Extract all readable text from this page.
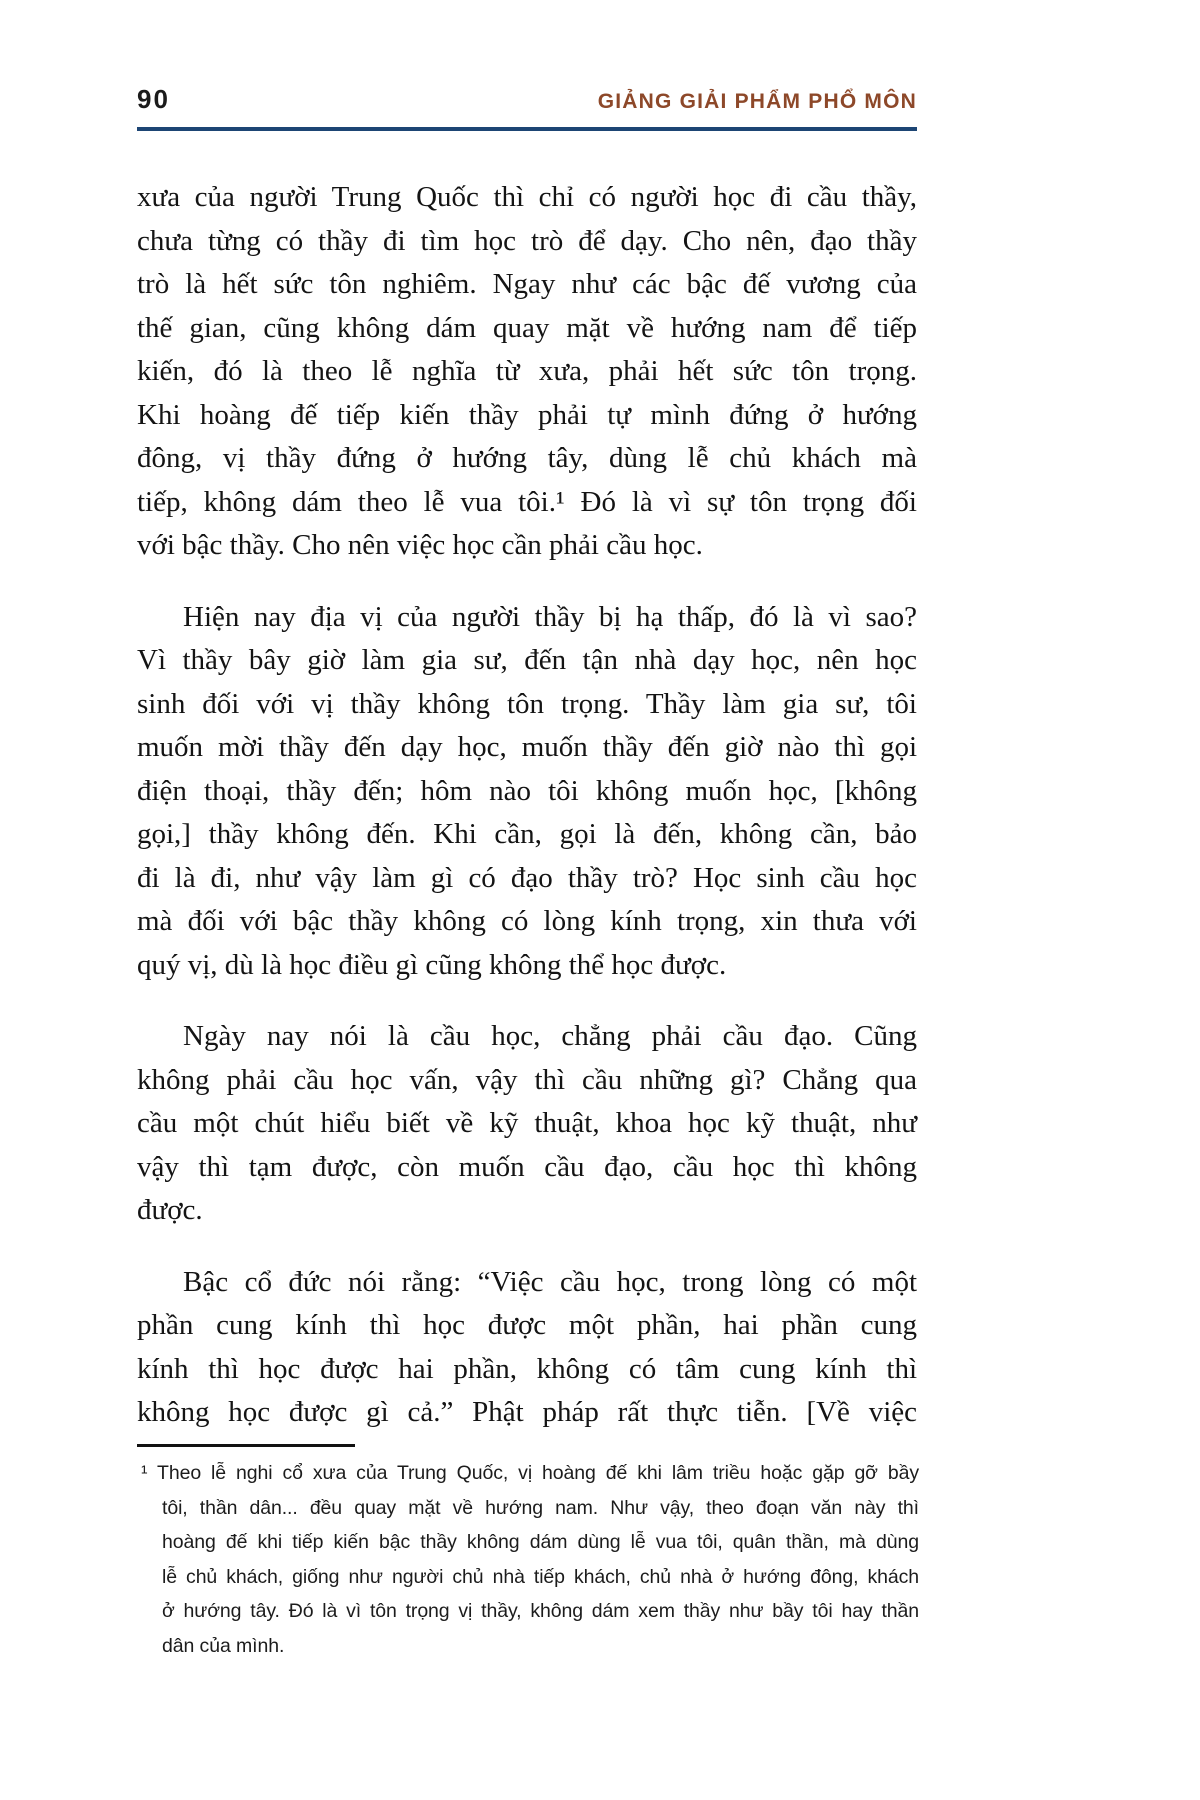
90	GIẢNG GIẢI PHẨM PHỔ MÔN
xưa của người Trung Quốc thì chỉ có người học đi cầu thầy,
chưa từng có thầy đi tìm học trò để dạy. Cho nên, đạo thầy
trò là hết sức tôn nghiêm. Ngay như các bậc đế vương của
thế gian, cũng không dám quay mặt về hướng nam để tiếp
kiến, đó là theo lễ nghĩa từ xưa, phải hết sức tôn trọng.
Khi hoàng đế tiếp kiến thầy phải tự mình đứng ở hướng
đông, vị thầy đứng ở hướng tây, dùng lễ chủ khách mà
tiếp, không dám theo lễ vua tôi.¹ Đó là vì sự tôn trọng đối
với bậc thầy. Cho nên việc học cần phải cầu học.
Hiện nay địa vị của người thầy bị hạ thấp, đó là vì sao?
Vì thầy bây giờ làm gia sư, đến tận nhà dạy học, nên học
sinh đối với vị thầy không tôn trọng. Thầy làm gia sư, tôi
muốn mời thầy đến dạy học, muốn thầy đến giờ nào thì gọi
điện thoại, thầy đến; hôm nào tôi không muốn học, [không
gọi,] thầy không đến. Khi cần, gọi là đến, không cần, bảo
đi là đi, như vậy làm gì có đạo thầy trò? Học sinh cầu học
mà đối với bậc thầy không có lòng kính trọng, xin thưa với
quý vị, dù là học điều gì cũng không thể học được.
Ngày nay nói là cầu học, chẳng phải cầu đạo. Cũng
không phải cầu học vấn, vậy thì cầu những gì? Chẳng qua
cầu một chút hiểu biết về kỹ thuật, khoa học kỹ thuật, như
vậy thì tạm được, còn muốn cầu đạo, cầu học thì không
được.
Bậc cổ đức nói rằng: “Việc cầu học, trong lòng có một
phần cung kính thì học được một phần, hai phần cung
kính thì học được hai phần, không có tâm cung kính thì
không học được gì cả.” Phật pháp rất thực tiễn. [Về việc
¹ Theo lễ nghi cổ xưa của Trung Quốc, vị hoàng đế khi lâm triều hoặc gặp gỡ bầy
tôi, thần dân... đều quay mặt về hướng nam. Như vậy, theo đoạn văn này thì
hoàng đế khi tiếp kiến bậc thầy không dám dùng lễ vua tôi, quân thần, mà dùng
lễ chủ khách, giống như người chủ nhà tiếp khách, chủ nhà ở hướng đông, khách
ở hướng tây. Đó là vì tôn trọng vị thầy, không dám xem thầy như bầy tôi hay thần
dân của mình.
